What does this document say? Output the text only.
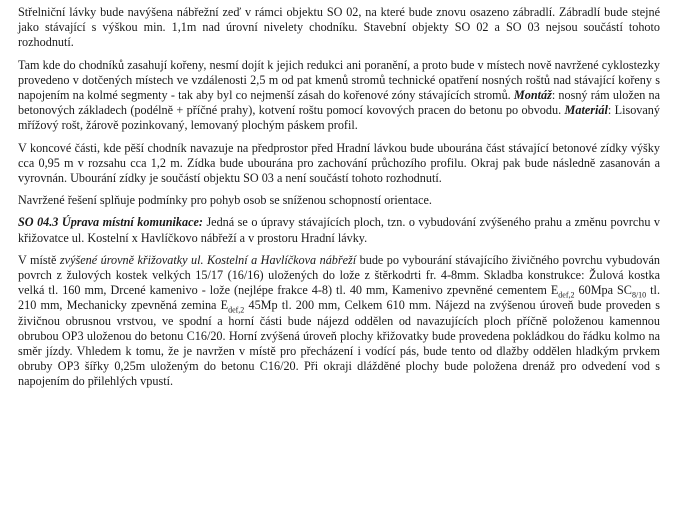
Střelniční lávky bude navýšena nábřežní zeď v rámci objektu SO 02, na které bude znovu osazeno zábradlí. Zábradlí bude stejné jako stávající s výškou min. 1,1m nad úrovní nivelety chodníku. Stavební objekty SO 02 a SO 03 nejsou součástí tohoto rozhodnutí.

Tam kde do chodníků zasahují kořeny, nesmí dojít k jejich redukci ani poranění, a proto bude v místech nově navržené cyklostezky provedeno v dotčených místech ve vzdálenosti 2,5 m od pat kmenů stromů technické opatření nosných roštů nad stávající kořeny s napojením na kolmé segmenty - tak aby byl co nejmenší zásah do kořenové zóny stávajících stromů. Montáž: nosný rám uložen na betonových základech (podélně + příčné prahy), kotvení roštu pomocí kovových pracen do betonu po obvodu. Materiál: Lisovaný mřížový rošt, žárově pozinkovaný, lemovaný plochým páskem profil.

V koncové části, kde pěší chodník navazuje na předprostor před Hradní lávkou bude ubourána část stávající betonové zídky výšky cca 0,95 m v rozsahu cca 1,2 m. Zídka bude ubourána pro zachování průchozího profilu. Okraj pak bude následně zasanován a vyrovnán. Ubourání zídky je součástí objektu SO 03 a není součástí tohoto rozhodnutí.

Navržené řešení splňuje podmínky pro pohyb osob se sníženou schopností orientace.

SO 04.3 Úprava místní komunikace: Jedná se o úpravy stávajících ploch, tzn. o vybudování zvýšeného prahu a změnu povrchu v křižovatce ul. Kostelní x Havlíčkovo nábřeží a v prostoru Hradní lávky.

V místě zvýšené úrovně křižovatky ul. Kostelní a Havlíčkova nábřeží bude po vybourání stávajícího živičného povrchu vybudován povrch z žulových kostek velkých 15/17 (16/16) uložených do lože z štěrkodrti fr. 4-8mm. Skladba konstrukce: Žulová kostka velká tl. 160 mm, Drcené kamenivo - lože (nejlépe frakce 4-8) tl. 40 mm, Kamenivo zpevněné cementem $E_{def,2}$ 60Mpa $SC_{8/10}$ tl. 210 mm, Mechanicky zpevněná zemina $E_{def,2}$ 45Mp tl. 200 mm, Celkem 610 mm. Nájezd na zvýšenou úroveň bude proveden s živičnou obrusnou vrstvou, ve spodní a horní části bude nájezd oddělen od navazujících ploch příčně položenou kamennou obrubou OP3 uloženou do betonu C16/20. Horní zvýšená úroveň plochy křižovatky bude provedena pokládkou do řádku kolmo na směr jízdy. Vhledem k tomu, že je navržen v místě pro přecházení i vodící pás, bude tento od dlažby oddělen hladkým prvkem obruby OP3 šířky 0,25m uloženým do betonu C16/20. Při okraji dlážděné plochy bude položena drenáž pro odvedení vod s napojením do přilehlých vpustí.
